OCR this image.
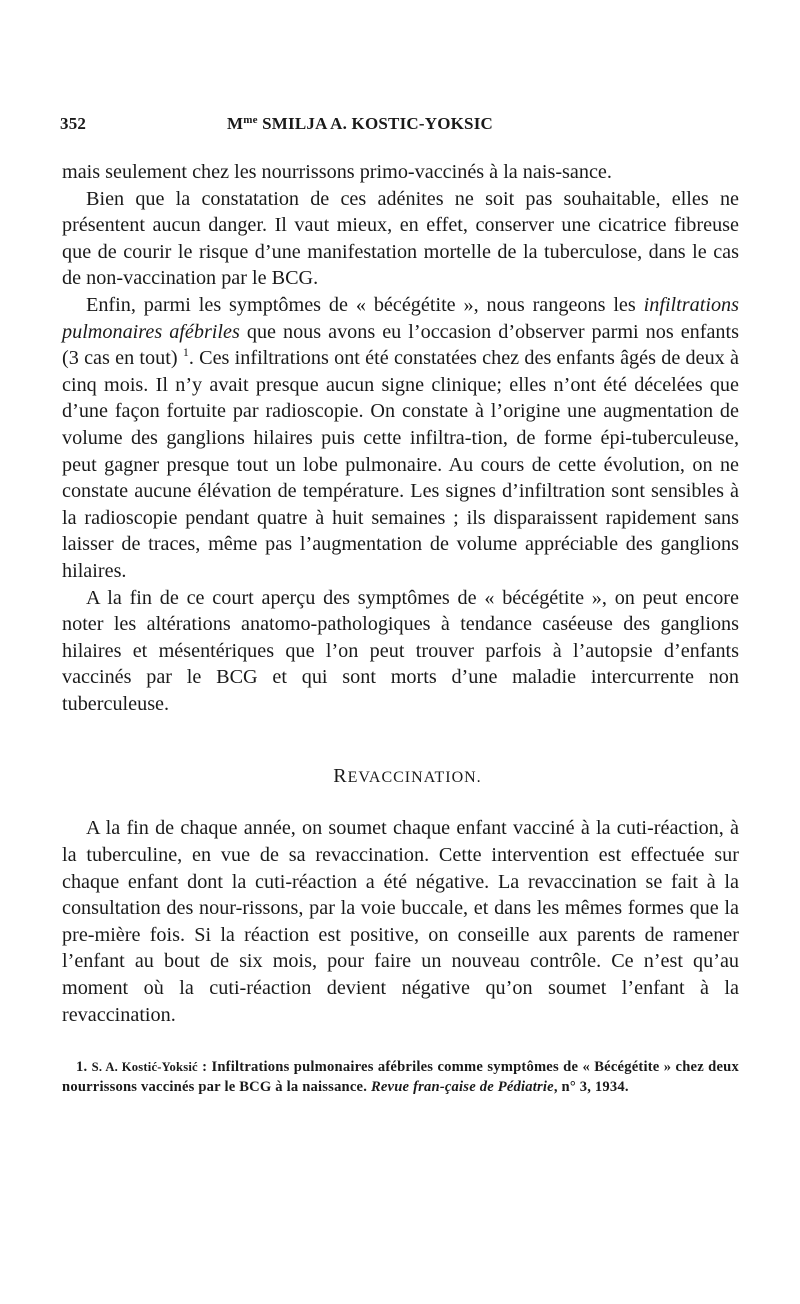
352	$M^{me}$ SMILJA A. KOSTIC-YOKSIC

mais seulement chez les nourrissons primo-vaccinés à la nais-sance.

Bien que la constatation de ces adénites ne soit pas souhaitable, elles ne présentent aucun danger. Il vaut mieux, en effet, conserver une cicatrice fibreuse que de courir le risque d’une manifestation mortelle de la tuberculose, dans le cas de non-vaccination par le BCG.

Enfin, parmi les symptômes de « bécégétite », nous rangeons les infiltrations pulmonaires afébriles que nous avons eu l’occasion d’observer parmi nos enfants (3 cas en tout) $^1$. Ces infiltrations ont été constatées chez des enfants âgés de deux à cinq mois. Il n’y avait presque aucun signe clinique; elles n’ont été décelées que d’une façon fortuite par radioscopie. On constate à l’origine une augmentation de volume des ganglions hilaires puis cette infiltra-tion, de forme épi-tuberculeuse, peut gagner presque tout un lobe pulmonaire. Au cours de cette évolution, on ne constate aucune élévation de température. Les signes d’infiltration sont sensibles à la radioscopie pendant quatre à huit semaines ; ils disparaissent rapidement sans laisser de traces, même pas l’augmentation de volume appréciable des ganglions hilaires.

A la fin de ce court aperçu des symptômes de « bécégétite », on peut encore noter les altérations anatomo-pathologiques à tendance caséeuse des ganglions hilaires et mésentériques que l’on peut trouver parfois à l’autopsie d’enfants vaccinés par le BCG et qui sont morts d’une maladie intercurrente non tuberculeuse.

REVACCINATION.

A la fin de chaque année, on soumet chaque enfant vacciné à la cuti-réaction, à la tuberculine, en vue de sa revaccination. Cette intervention est effectuée sur chaque enfant dont la cuti-réaction a été négative. La revaccination se fait à la consultation des nour-rissons, par la voie buccale, et dans les mêmes formes que la pre-mière fois. Si la réaction est positive, on conseille aux parents de ramener l’enfant au bout de six mois, pour faire un nouveau contrôle. Ce n’est qu’au moment où la cuti-réaction devient négative qu’on soumet l’enfant à la revaccination.

1. S. A. Kostić-Yoksić : Infiltrations pulmonaires afébriles comme symptômes de « Bécégétite » chez deux nourrissons vaccinés par le BCG à la naissance. Revue fran-çaise de Pédiatrie, n° 3, 1934.
